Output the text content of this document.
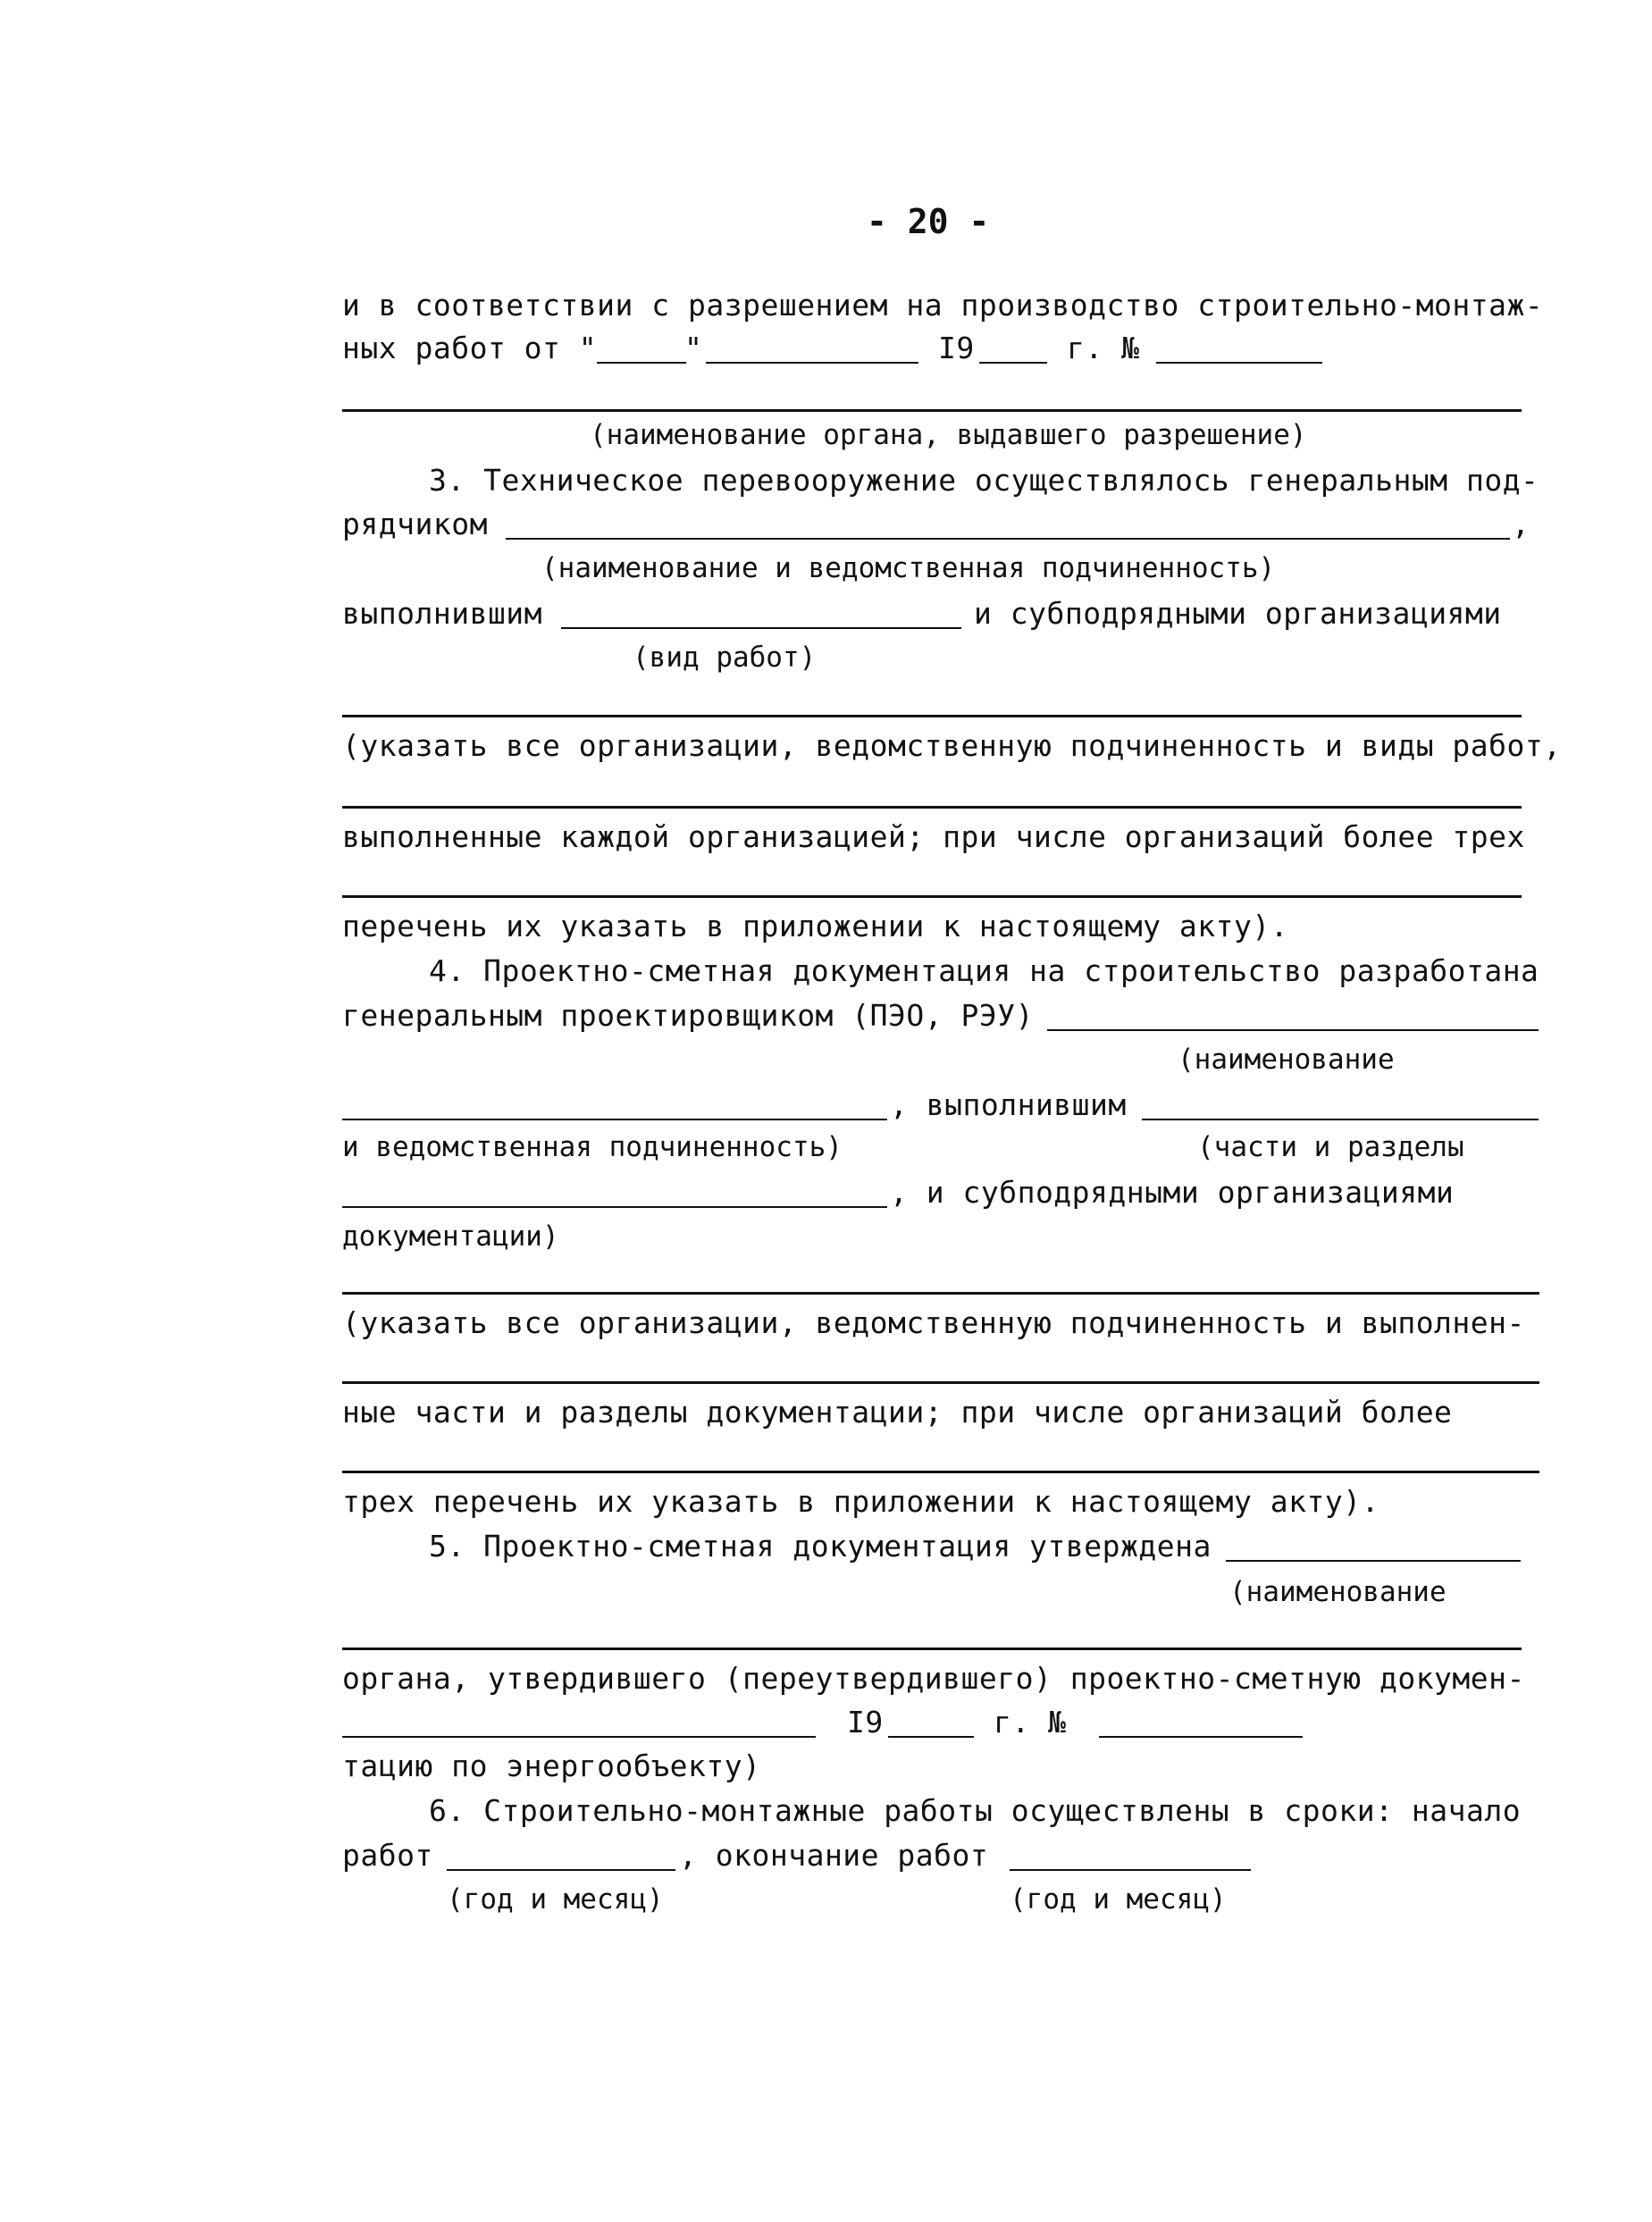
- 20 -
и в соответствии с разрешением на производство строительно-монтаж-
ных работ от "	"	I9	г. №
(наименование органа, выдавшего разрешение)
3. Техническое перевооружение осуществлялось генеральным под-
рядчиком	,
(наименование и ведомственная подчиненность)
выполнившим	и субподрядными организациями
(вид работ)
(указать все организации, ведомственную подчиненность и виды работ,
выполненные каждой организацией; при числе организаций более трех
перечень их указать в приложении к настоящему акту).
4. Проектно-сметная документация на строительство разработана
генеральным проектировщиком (ПЭО, РЭУ)
(наименование
, выполнившим
и ведомственная подчиненность)	(части и разделы
, и субподрядными организациями
документации)
(указать все организации, ведомственную подчиненность и выполнен-
ные части и разделы документации; при числе организаций более
трех перечень их указать в приложении к настоящему акту).
5. Проектно-сметная документация утверждена
(наименование
органа, утвердившего (переутвердившего) проектно-сметную докумен-
I9	г. №
тацию по энергообъекту)
6. Строительно-монтажные работы осуществлены в сроки: начало
работ	, окончание работ
(год и месяц)	(год и месяц)
